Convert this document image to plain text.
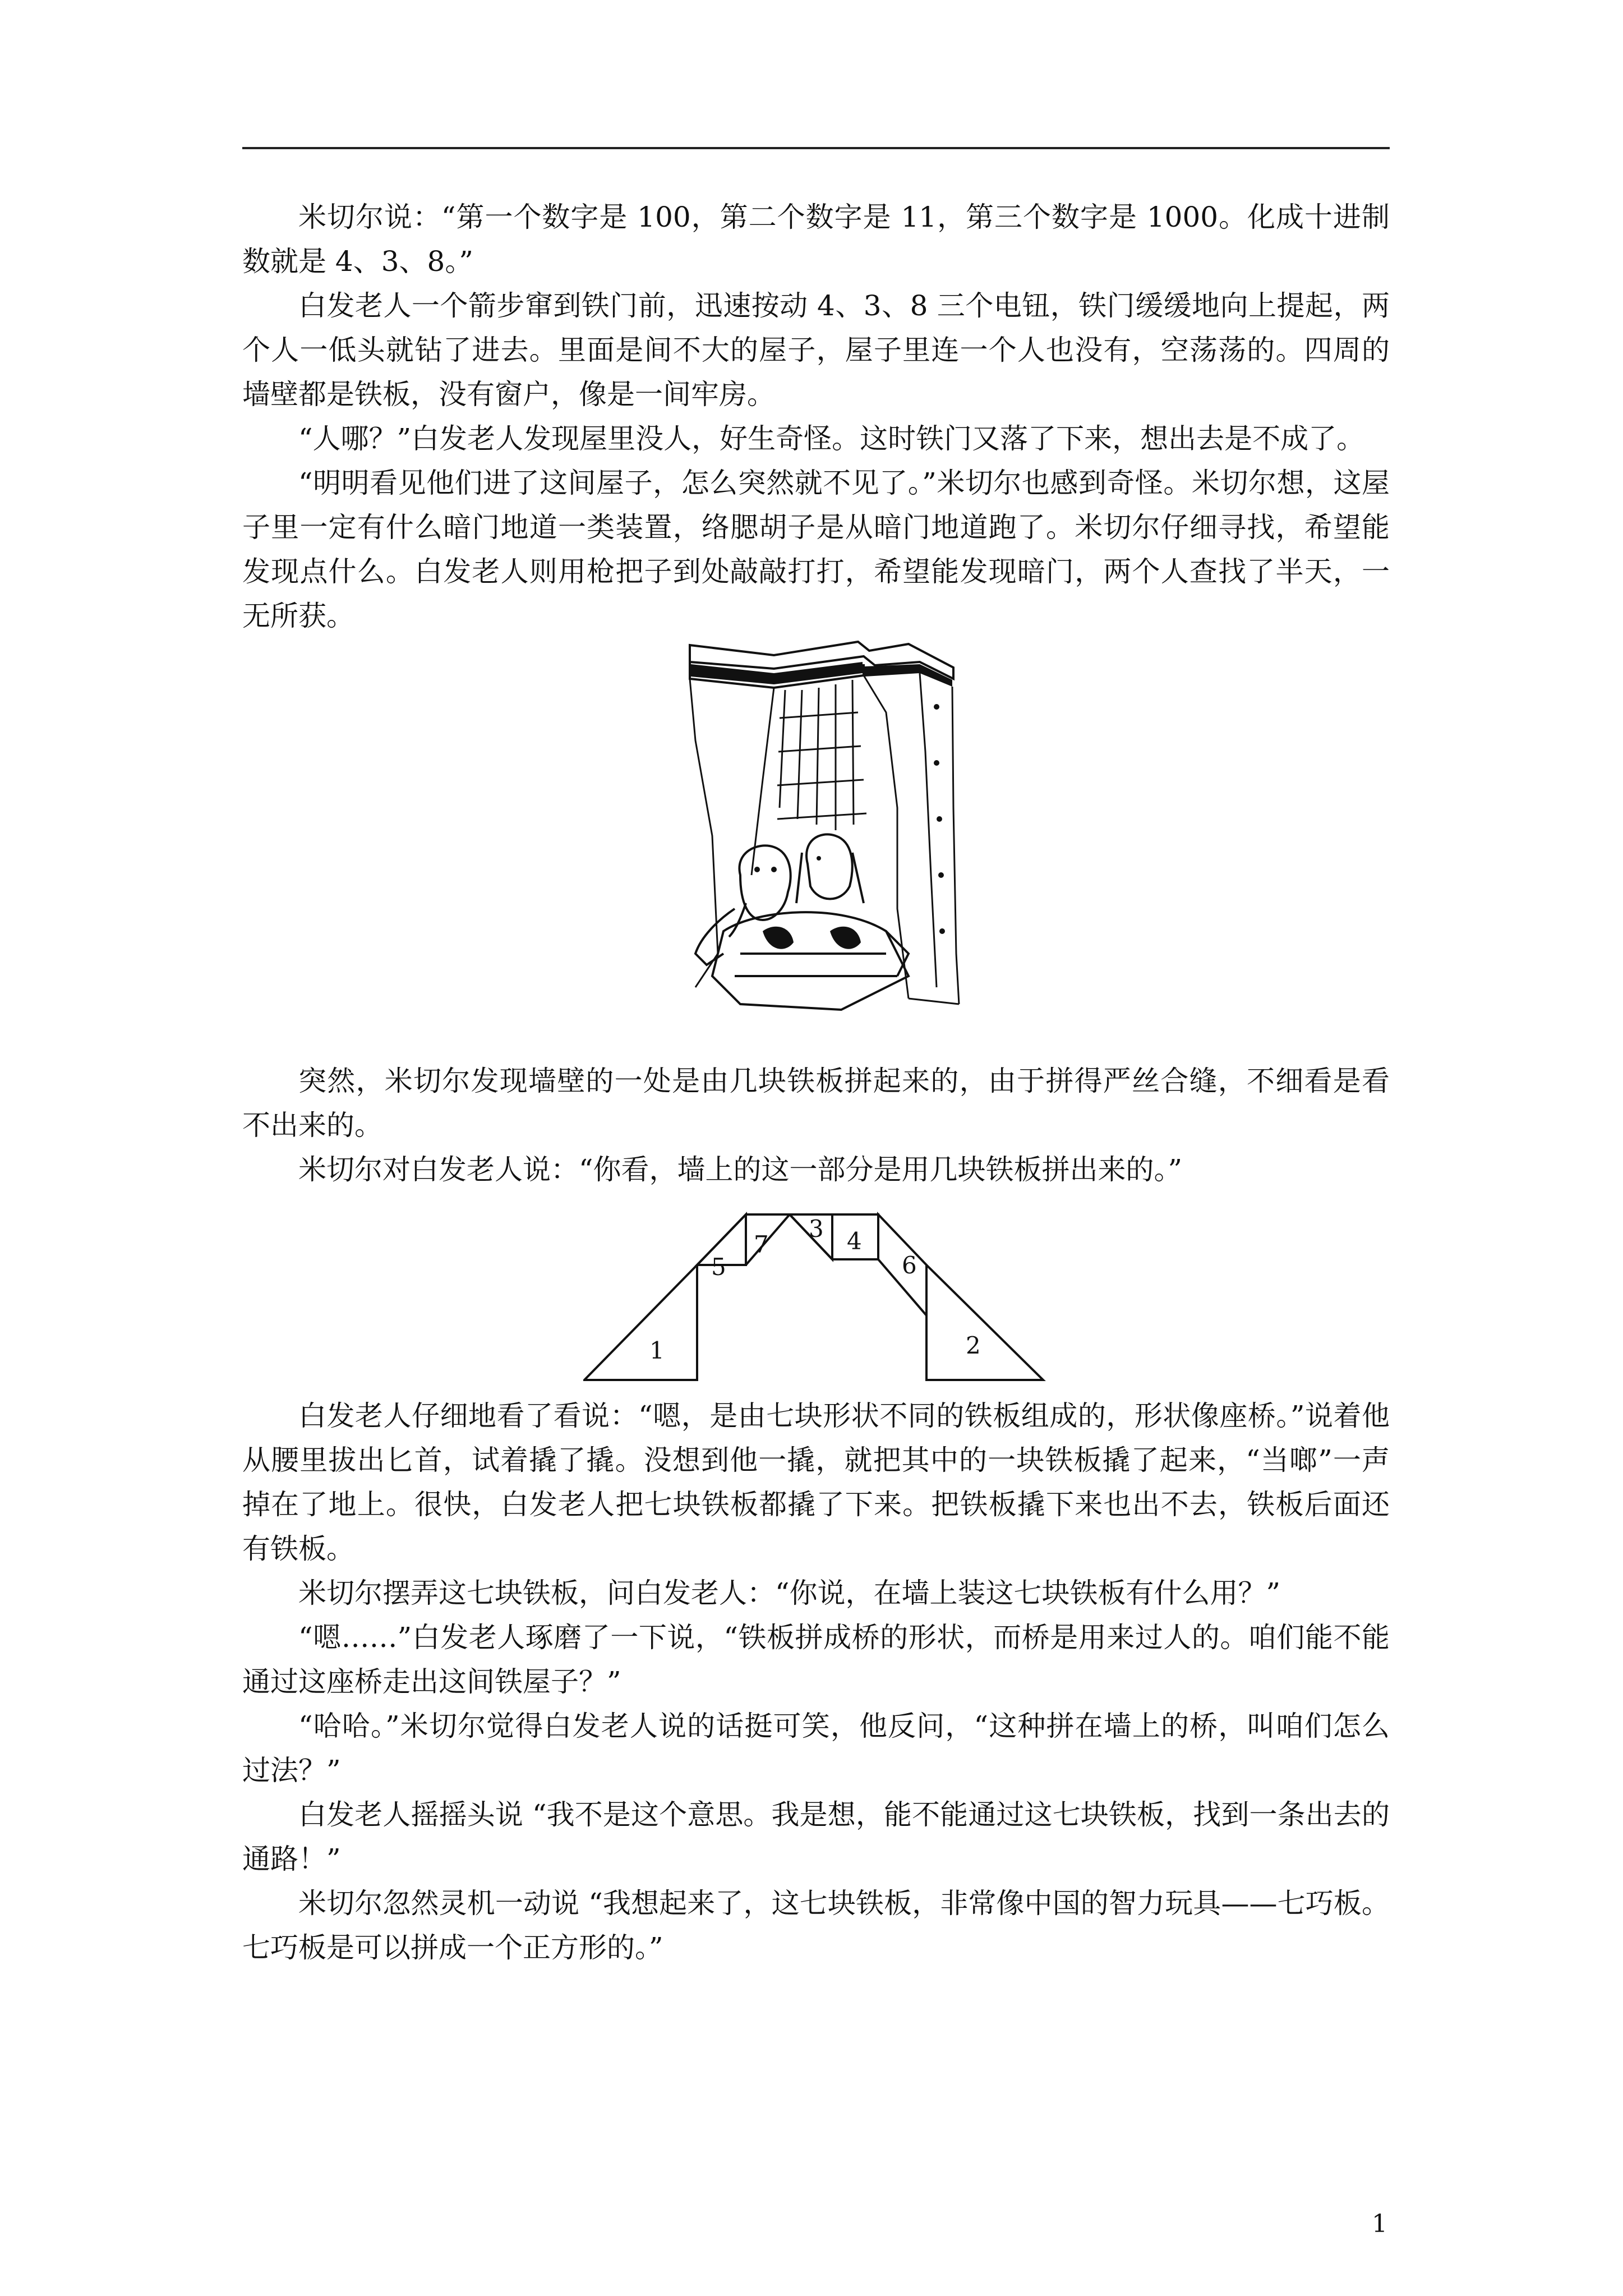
米切尔说：“第一个数字是 100，第二个数字是 11，第三个数字是 1000。化成十进制数就是 4、3、8。”

白发老人一个箭步窜到铁门前，迅速按动 4、3、8 三个电钮，铁门缓缓地向上提起，两个人一低头就钻了进去。里面是间不大的屋子，屋子里连一个人也没有，空荡荡的。四周的墙壁都是铁板，没有窗户，像是一间牢房。

“人哪？”白发老人发现屋里没人，好生奇怪。这时铁门又落了下来，想出去是不成了。

“明明看见他们进了这间屋子，怎么突然就不见了。”米切尔也感到奇怪。米切尔想，这屋子里一定有什么暗门地道一类装置，络腮胡子是从暗门地道跑了。米切尔仔细寻找，希望能发现点什么。白发老人则用枪把子到处敲敲打打，希望能发现暗门，两个人查找了半天，一无所获。

突然，米切尔发现墙壁的一处是由几块铁板拼起来的，由于拼得严丝合缝，不细看是看不出来的。

米切尔对白发老人说：“你看，墙上的这一部分是用几块铁板拼出来的。”

1	2
3 4
5	6
7

白发老人仔细地看了看说：“嗯，是由七块形状不同的铁板组成的，形状像座桥。”说着他从腰里拔出匕首，试着撬了撬。没想到他一撬，就把其中的一块铁板撬了起来，“当啷”一声掉在了地上。很快，白发老人把七块铁板都撬了下来。把铁板撬下来也出不去，铁板后面还有铁板。

米切尔摆弄这七块铁板，问白发老人：“你说，在墙上装这七块铁板有什么用？”

“嗯……”白发老人琢磨了一下说，“铁板拼成桥的形状，而桥是用来过人的。咱们能不能通过这座桥走出这间铁屋子？”

“哈哈。”米切尔觉得白发老人说的话挺可笑，他反问，“这种拼在墙上的桥，叫咱们怎么过法？”

白发老人摇摇头说 “我不是这个意思。我是想，能不能通过这七块铁板，找到一条出去的通路！”

米切尔忽然灵机一动说 “我想起来了，这七块铁板，非常像中国的智力玩具——七巧板。七巧板是可以拼成一个正方形的。”

1
